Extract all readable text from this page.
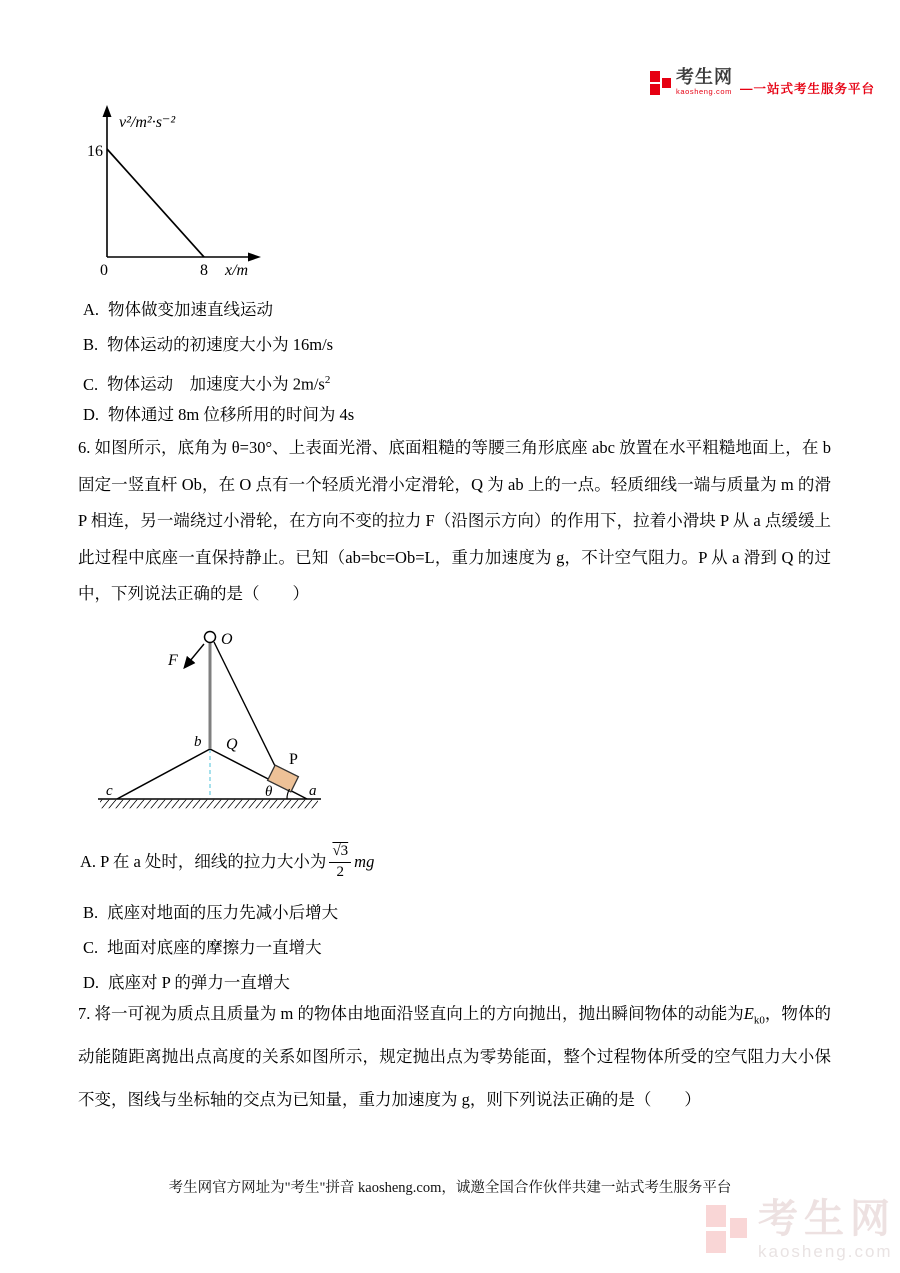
考生网
kaosheng.com —一站式考生服务平台
16
v²/m²·s⁻²
0	8 x/m
A. 物体做变加速直线运动
B. 物体运动的初速度大小为 16m/s
C. 物体运动　加速度大小为 $2m/s^2$
D. 物体通过 8m 位移所用的时间为 4s
6. 如图所示，底角为 θ=30°、上表面光滑、底面粗糙的等腰三角形底座 abc 放置在水平粗糙地面上，在 b
固定一竖直杆 Ob，在 O 点有一个轻质光滑小定滑轮，Q 为 ab 上的一点。轻质细线一端与质量为 m 的滑
P 相连，另一端绕过小滑轮，在方向不变的拉力 F（沿图示方向）的作用下，拉着小滑块 P 从 a 点缓缓上
此过程中底座一直保持静止。已知（ab=bc=Ob=L，重力加速度为 g，不计空气阻力。P 从 a 滑到 Q 的过
中，下列说法正确的是（　　）
O
F
b Q
P
c	a
θ
A.
P 在 a 处时，细线的拉力大小为 $\frac{√3}{2}$ mg
B. 底座对地面的压力先减小后增大
C. 地面对底座的摩擦力一直增大
D. 底座对 P 的弹力一直增大
7. 将一可视为质点且质量为 m 的物体由地面沿竖直向上的方向抛出，抛出瞬间物体的动能为$E_{k0}$，物体的
动能随距离抛出点高度的关系如图所示，规定抛出点为零势能面，整个过程物体所受的空气阻力大小保
不变，图线与坐标轴的交点为已知量，重力加速度为 g，则下列说法正确的是（　　）
考生网官方网址为"考生"拼音 kaosheng.com，诚邀全国合作伙伴共建一站式考生服务平台
考生网
kaosheng.com
